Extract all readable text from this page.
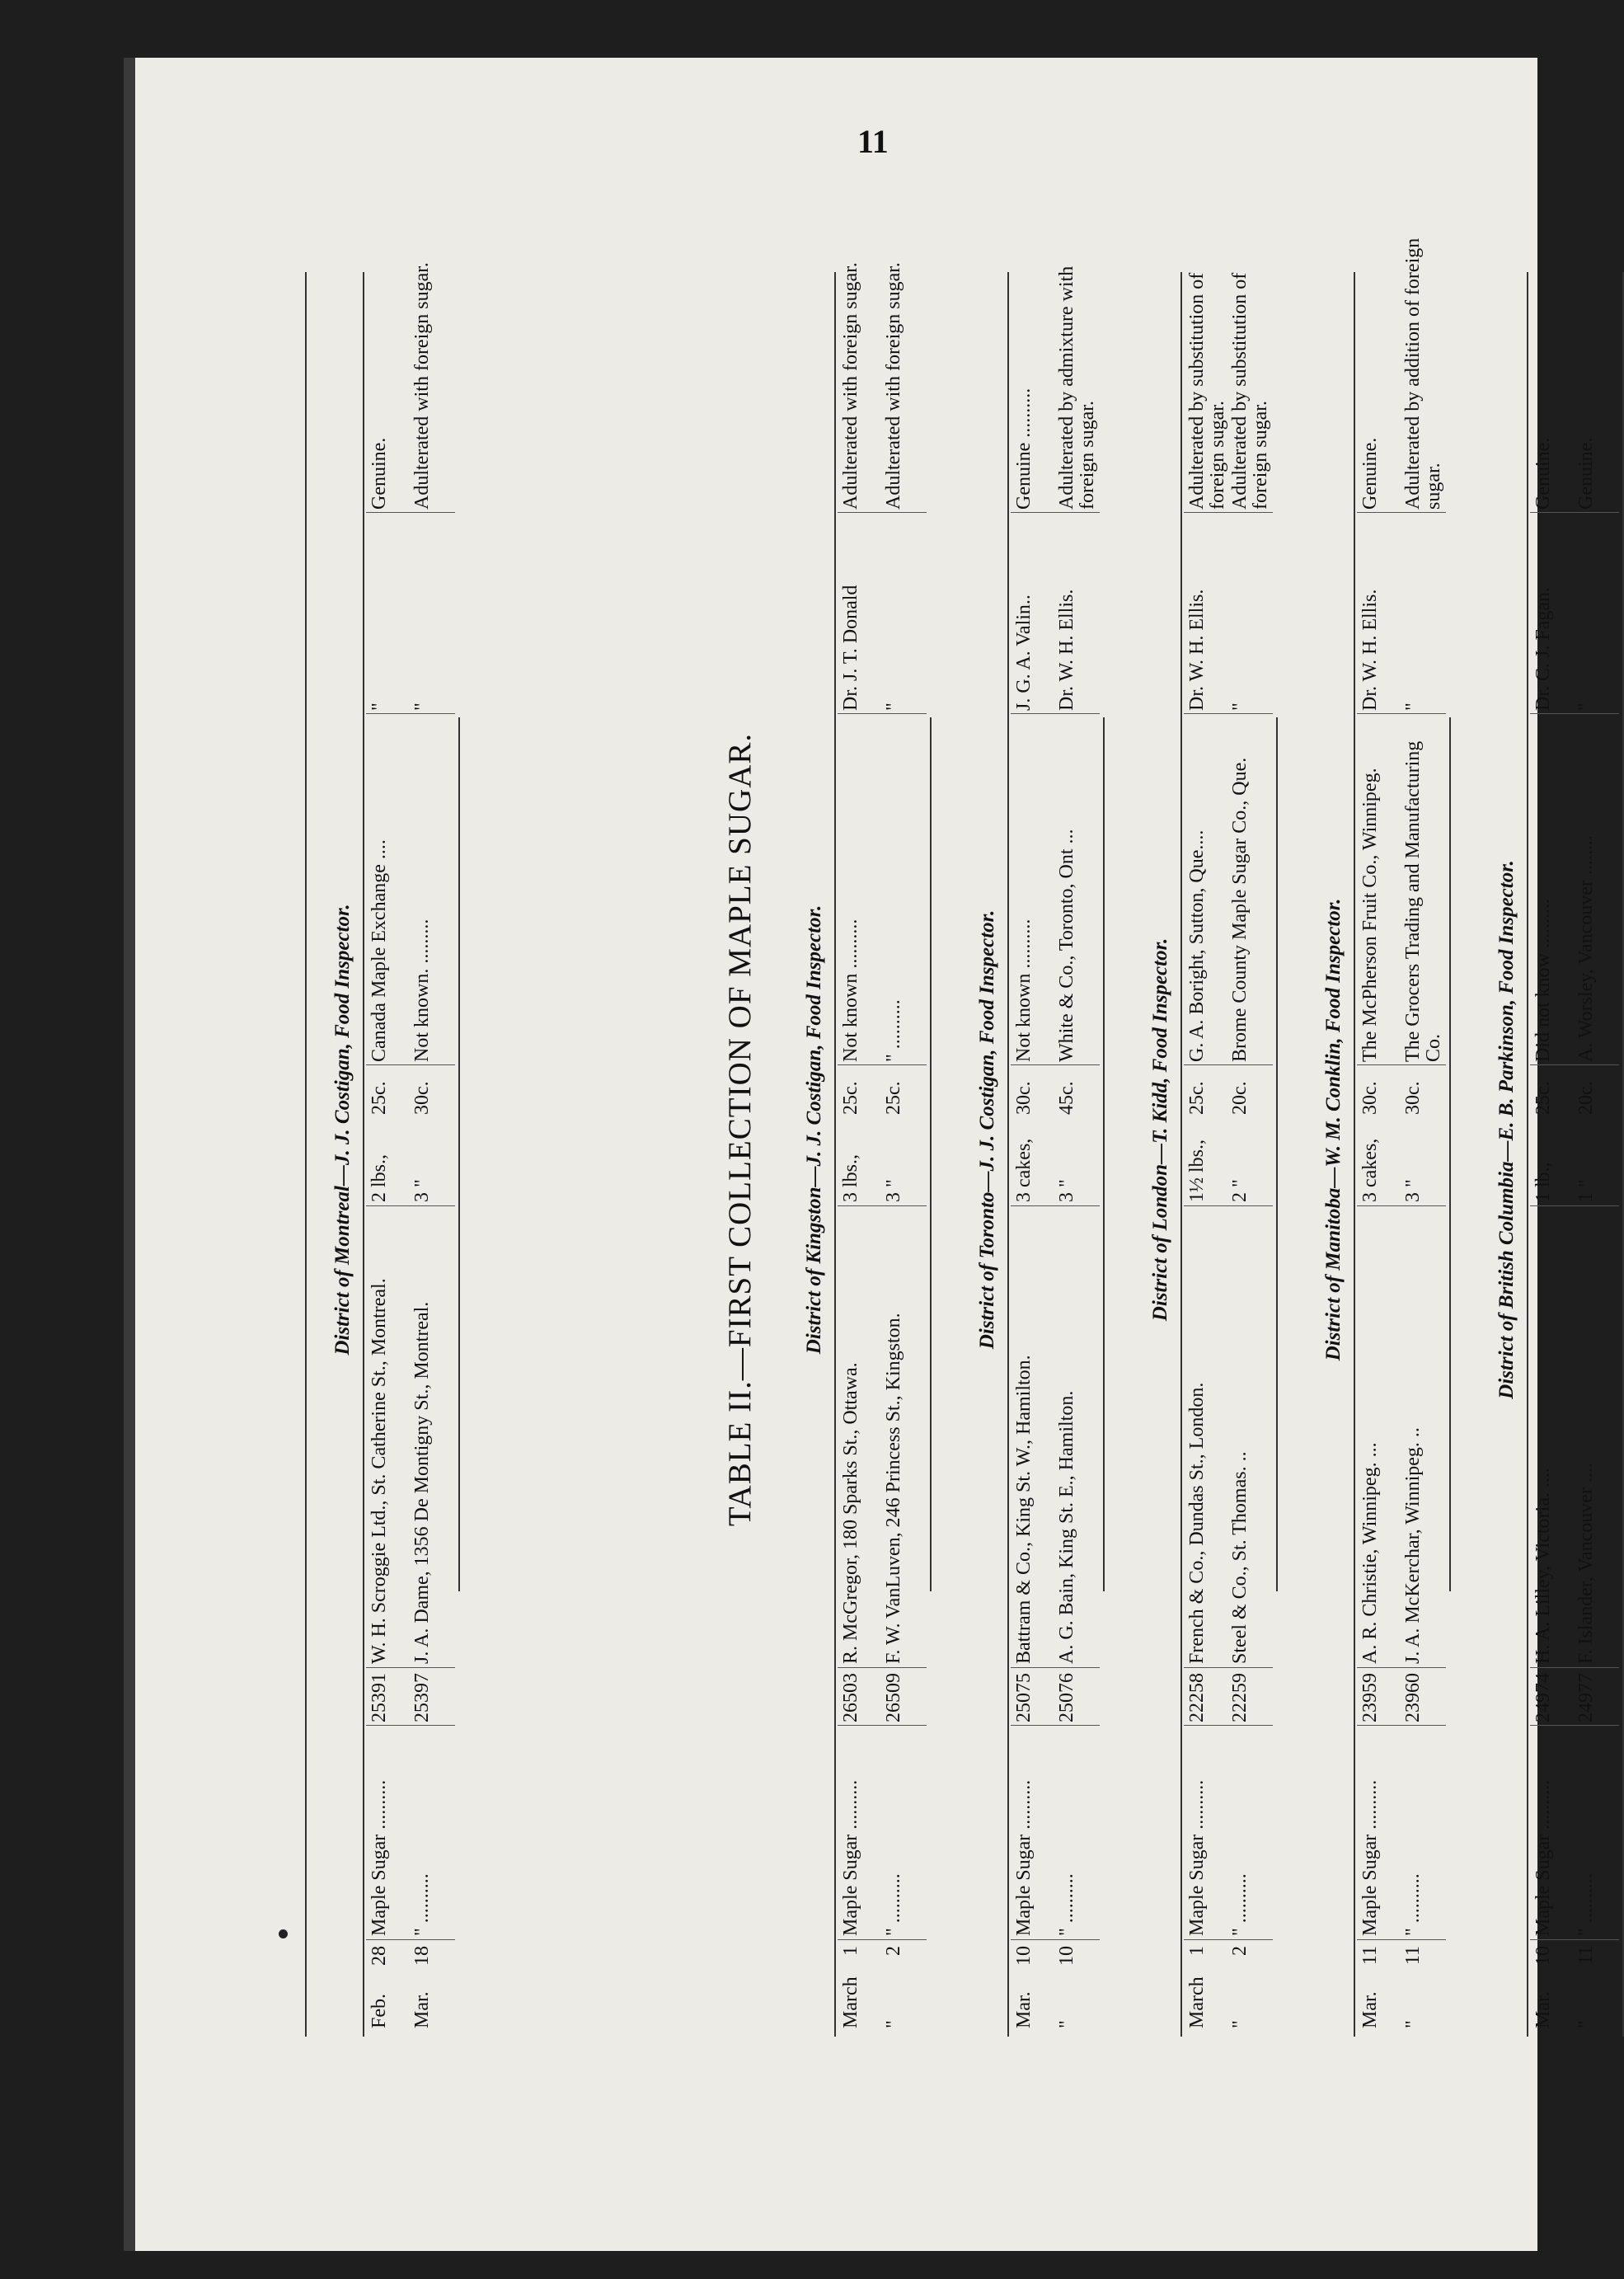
11
TABLE II.—FIRST COLLECTION OF MAPLE SUGAR.
District of Montreal—J. J. Costigan, Food Inspector.
Feb.
28
Maple Sugar ..........
25391
W. H. Scroggie Ltd., St. Catherine St., Montreal.
2 lbs.,
25c.
Canada Maple Exchange ....
"
Genuine.
Mar.
18
" ..........
25397
J. A. Dame, 1356 De Montigny St., Montreal.
3 "
30c.
Not known. .........
"
Adulterated with foreign sugar.
District of Kingston—J. J. Costigan, Food Inspector.
March
1
Maple Sugar ..........
26503
R. McGregor, 180 Sparks St., Ottawa.
3 lbs.,
25c.
Not known ..........
Dr. J. T. Donald
Adulterated with foreign sugar.
"
2
" ..........
26509
F. W. VanLuven, 246 Princess St., Kingston.
3 "
25c.
" ..........
"
Adulterated with foreign sugar.
District of Toronto—J. J. Costigan, Food Inspector.
Mar.
10
Maple Sugar ..........
25075
Battram & Co., King St. W., Hamilton.
3 cakes,
30c.
Not known ..........
J. G. A. Valin..
Genuine ..........
"
10
" ..........
25076
A. G. Bain, King St. E., Hamilton.
3 "
45c.
White & Co., Toronto, Ont ...
Dr. W. H. Ellis.
Adulterated by admixture with foreign sugar.
District of London—T. Kidd, Food Inspector.
March
1
Maple Sugar ..........
22258
French & Co., Dundas St., London.
1½ lbs.,
25c.
G. A. Boright, Sutton, Que....
Dr. W. H. Ellis.
Adulterated by substitution of foreign sugar.
"
2
" ..........
22259
Steel & Co., St. Thomas. ..
2 "
20c.
Brome County Maple Sugar Co., Que.
"
Adulterated by substitution of foreign sugar.
District of Manitoba—W. M. Conklin, Food Inspector.
Mar.
11
Maple Sugar ..........
23959
A. R. Christie, Winnipeg. ...
3 cakes,
30c.
The McPherson Fruit Co., Winnipeg.
Dr. W. H. Ellis.
Genuine.
"
11
" ..........
23960
J. A. McKerchar, Winnipeg. ..
3 "
30c.
The Grocers Trading and Manufacturing Co.
"
Adulterated by addition of foreign sugar.
District of British Columbia—E. B. Parkinson, Food Inspector.
Mar.
10
Maple Sugar ..........
24974
H. A. Lilley, Victoria. ....
1 lb.,
25c.
Did not know ..........
Dr. C. J. Fagan.
Genuine.
"
11
" ..........
24977
F. Islander, Vancouver ....
1 "
20c.
A. Worsley, Vancouver ........
"
Genuine.
